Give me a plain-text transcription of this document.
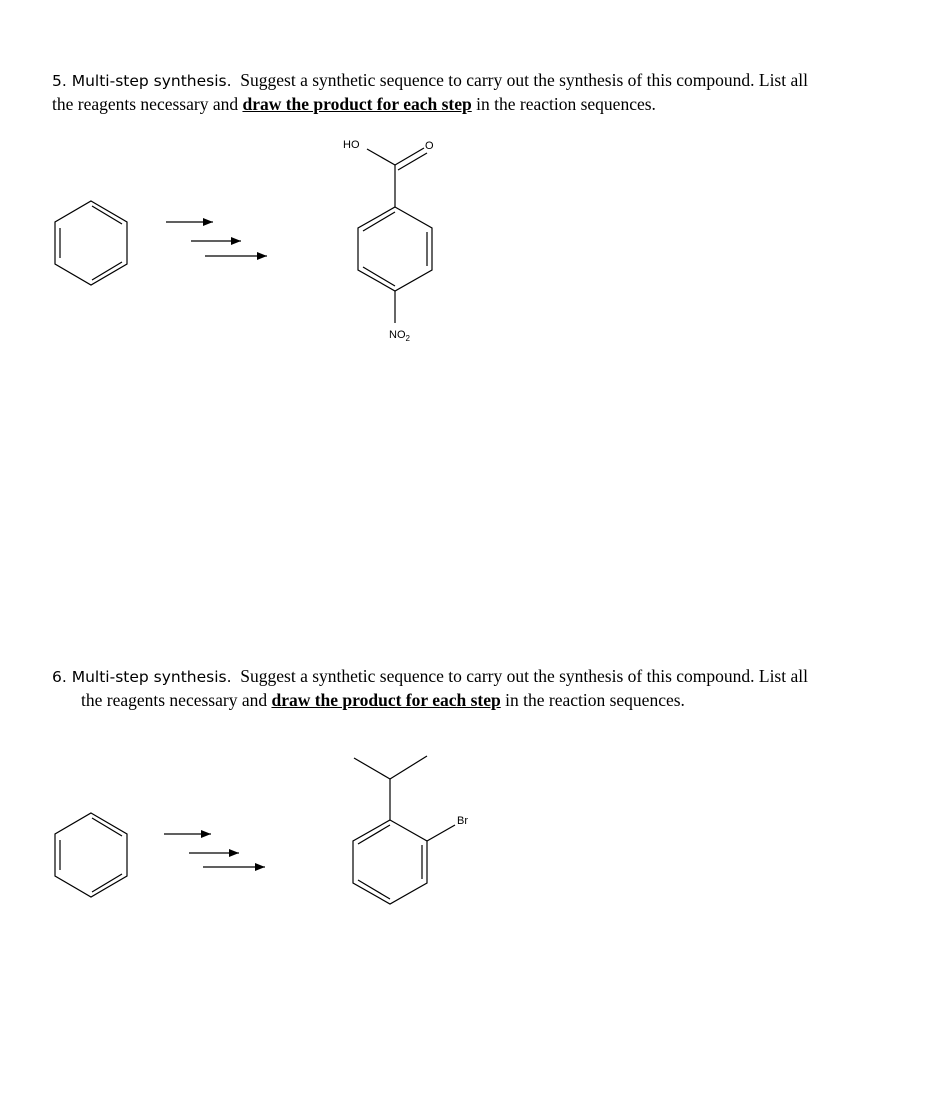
5. Multi-step synthesis. Suggest a synthetic sequence to carry out the synthesis of this compound. List all
the reagents necessary and draw the product for each step in the reaction sequences.
6. Multi-step synthesis. Suggest a synthetic sequence to carry out the synthesis of this compound. List all
the reagents necessary and draw the product for each step in the reaction sequences.
HO	O
$NO_2$
Br
